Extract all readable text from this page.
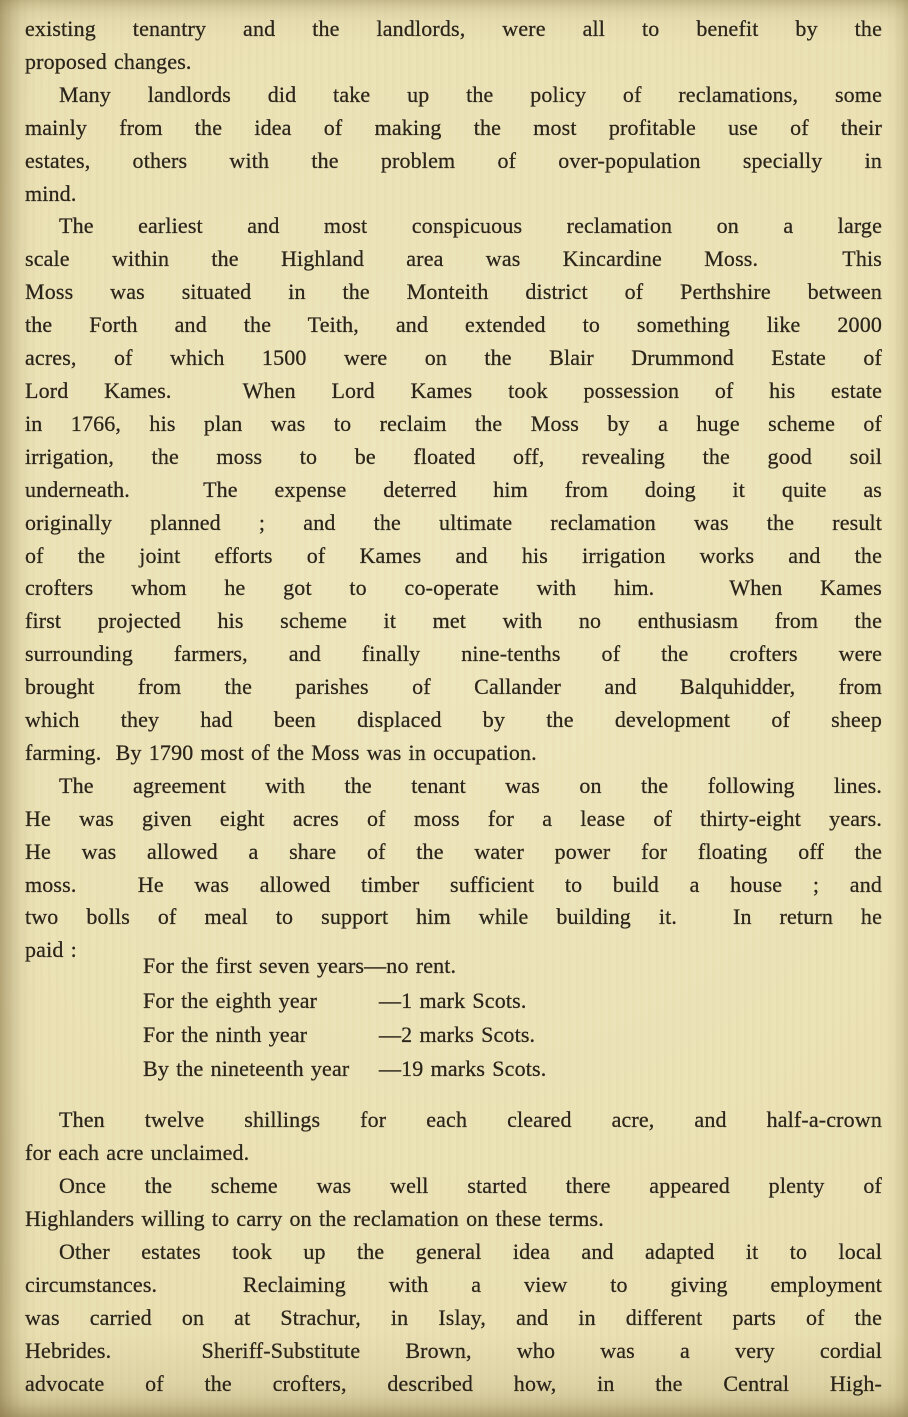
existing tenantry and the landlords, were all to benefit by the
proposed changes.
Many landlords did take up the policy of reclamations, some
mainly from the idea of making the most profitable use of their
estates, others with the problem of over-population specially in
mind.
The earliest and most conspicuous reclamation on a large
scale within the Highland area was Kincardine Moss.  This
Moss was situated in the Monteith district of Perthshire between
the Forth and the Teith, and extended to something like 2000
acres, of which 1500 were on the Blair Drummond Estate of
Lord Kames.  When Lord Kames took possession of his estate
in 1766, his plan was to reclaim the Moss by a huge scheme of
irrigation, the moss to be floated off, revealing the good soil
underneath.  The expense deterred him from doing it quite as
originally planned ; and the ultimate reclamation was the result
of the joint efforts of Kames and his irrigation works and the
crofters whom he got to co-operate with him.  When Kames
first projected his scheme it met with no enthusiasm from the
surrounding farmers, and finally nine-tenths of the crofters were
brought from the parishes of Callander and Balquhidder, from
which they had been displaced by the development of sheep
farming.  By 1790 most of the Moss was in occupation.
The agreement with the tenant was on the following lines.
He was given eight acres of moss for a lease of thirty-eight years.
He was allowed a share of the water power for floating off the
moss.  He was allowed timber sufficient to build a house ; and
two bolls of meal to support him while building it.  In return he
paid :
For the first seven years—no rent.
For the eighth year	—1 mark Scots.
For the ninth year	—2 marks Scots.
By the nineteenth year —19 marks Scots.
Then twelve shillings for each cleared acre, and half-a-crown
for each acre unclaimed.
Once the scheme was well started there appeared plenty of
Highlanders willing to carry on the reclamation on these terms.
Other estates took up the general idea and adapted it to local
circumstances.  Reclaiming with a view to giving employment
was carried on at Strachur, in Islay, and in different parts of the
Hebrides.  Sheriff-Substitute Brown, who was a very cordial
advocate of the crofters, described how, in the Central High-
